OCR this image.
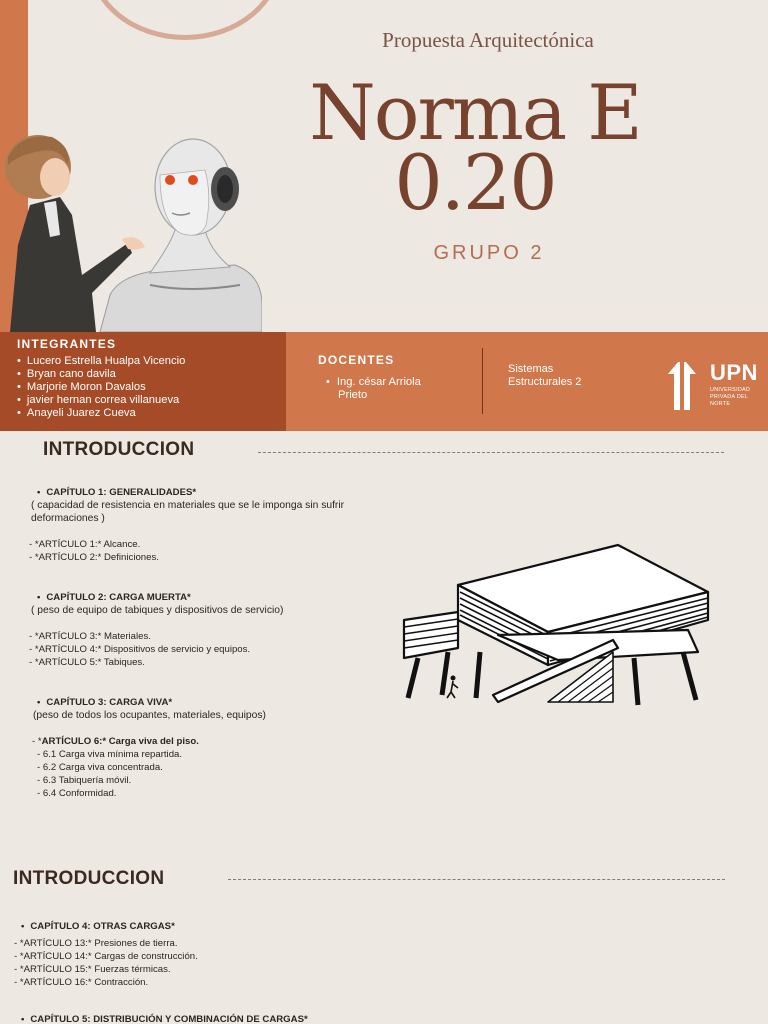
Propuesta Arquitectónica
Norma E
0.20
GRUPO 2
INTEGRANTES
• Lucero Estrella Hualpa Vicencio
• Bryan cano davila
• Marjorie Moron Davalos
• javier hernan correa villanueva
• Anayeli Juarez Cueva
DOCENTES
• Ing. césar Arriola Prieto
Sistemas Estructurales 2	UPN
UNIVERSIDAD PRIVADA DEL NORTE
INTRODUCCION
• CAPÍTULO 1: GENERALIDADES*
( capacidad de resistencia en materiales que se le imponga sin sufrir deformaciones )
- *ARTÍCULO 1:* Alcance.
- *ARTÍCULO 2:* Definiciones.
• CAPÍTULO 2: CARGA MUERTA*
( peso de equipo de tabiques y dispositivos de servicio)
- *ARTÍCULO 3:* Materiales.
- *ARTÍCULO 4:* Dispositivos de servicio y equipos.
- *ARTÍCULO 5:* Tabiques.
• CAPÍTULO 3: CARGA VIVA*
(peso de todos los ocupantes, materiales, equipos)
- *ARTÍCULO 6:* Carga viva del piso.
- 6.1 Carga viva mínima repartida.
- 6.2 Carga viva concentrada.
- 6.3 Tabiquería móvil.
- 6.4 Conformidad.
INTRODUCCION
• CAPÍTULO 4: OTRAS CARGAS*
- *ARTÍCULO 13:* Presiones de tierra.
- *ARTÍCULO 14:* Cargas de construcción.
- *ARTÍCULO 15:* Fuerzas térmicas.
- *ARTÍCULO 16:* Contracción.
• CAPÍTULO 5: DISTRIBUCIÓN Y COMBINACIÓN DE CARGAS*
